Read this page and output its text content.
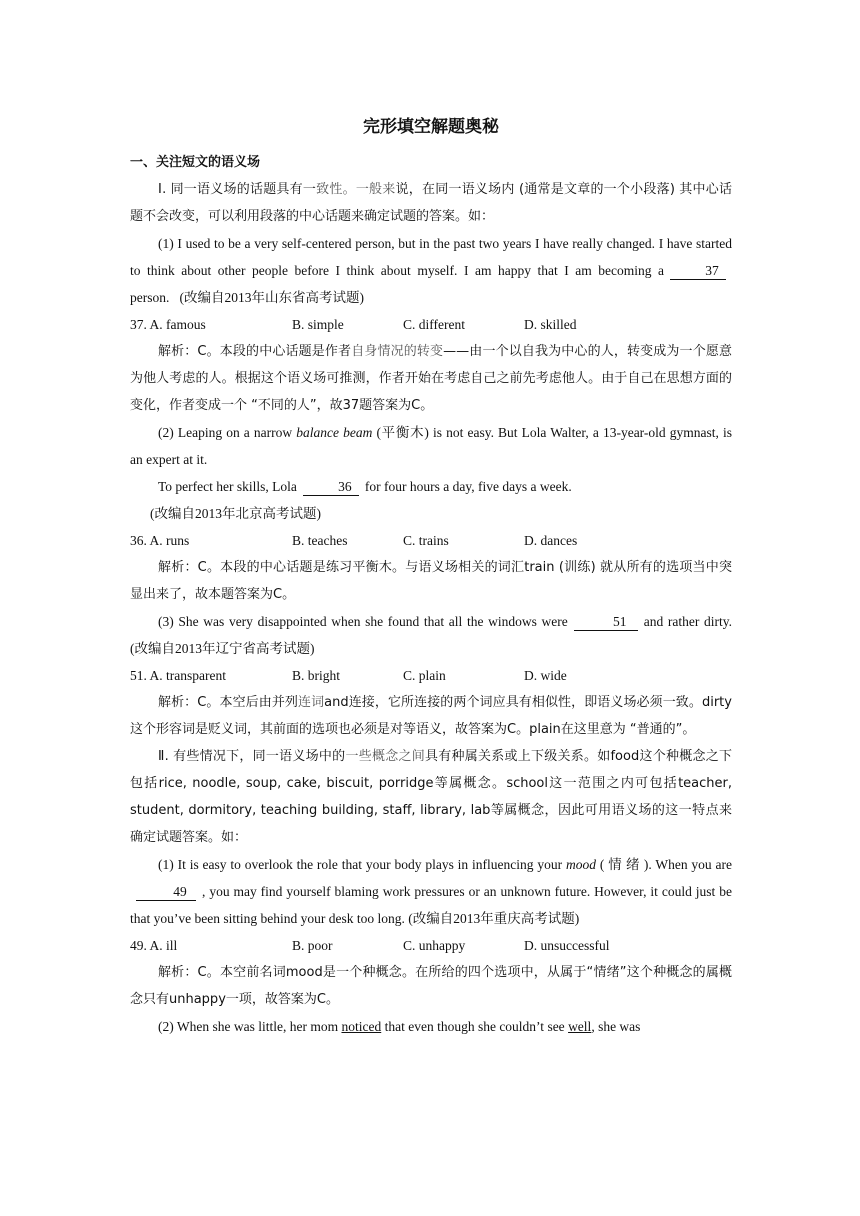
完形填空解题奥秘

一、关注短文的语义场

Ⅰ. 同一语义场的话题具有一致性。一般来说，在同一语义场内 (通常是文章的一个小段落) 其中心话题不会改变，可以利用段落的中心话题来确定试题的答案。如：

(1) I used to be a very self-centered person, but in the past two years I have really changed. I have started to think about other people before I think about myself. I am happy that I am becoming a	37person. (改编自2013年山东省高考试题)

37. A. famous	B. simple	C. different	D. skilled

解析：C。本段的中心话题是作者自身情况的转变——由一个以自我为中心的人，转变成为一个愿意为他人考虑的人。根据这个语义场可推测，作者开始在考虑自己之前先考虑他人。由于自己在思想方面的变化，作者变成一个 “不同的人”，故37题答案为C。

(2) Leaping on a narrow balance beam (平衡木) is not easy. But Lola Walter, a 13-year-old gymnast, is an expert at it.

To perfect her skills, Lola	36 for four hours a day, five days a week.

(改编自2013年北京高考试题)

36. A. runs	B. teaches	C. trains	D. dances

解析：C。本段的中心话题是练习平衡木。与语义场相关的词汇train (训练) 就从所有的选项当中突显出来了，故本题答案为C。

(3) She was very disappointed when she found that all the windows were	51 and rather dirty. (改编自2013年辽宁省高考试题)

51. A. transparent	B. bright	C. plain	D. wide

解析：C。本空后由并列连词and连接，它所连接的两个词应具有相似性，即语义场必须一致。dirty这个形容词是贬义词，其前面的选项也必须是对等语义，故答案为C。plain在这里意为 “普通的”。

Ⅱ. 有些情况下，同一语义场中的一些概念之间具有种属关系或上下级关系。如food这个种概念之下包括rice, noodle, soup, cake, biscuit, porridge等属概念。school这一范围之内可包括teacher, student, dormitory, teaching building, staff, library, lab等属概念，因此可用语义场的这一特点来确定试题答案。如：

(1) It is easy to overlook the role that your body plays in influencing your mood ( 情 绪 ). When you are49 , you may find yourself blaming work pressures or an unknown future. However, it could just be that you’ve been sitting behind your desk too long. (改编自2013年重庆高考试题)

49. A. ill	B. poor	C. unhappy	D. unsuccessful

解析：C。本空前名词mood是一个种概念。在所给的四个选项中，从属于“情绪”这个种概念的属概念只有unhappy一项，故答案为C。

(2) When she was little, her mom noticed that even though she couldn’t see well, she was
